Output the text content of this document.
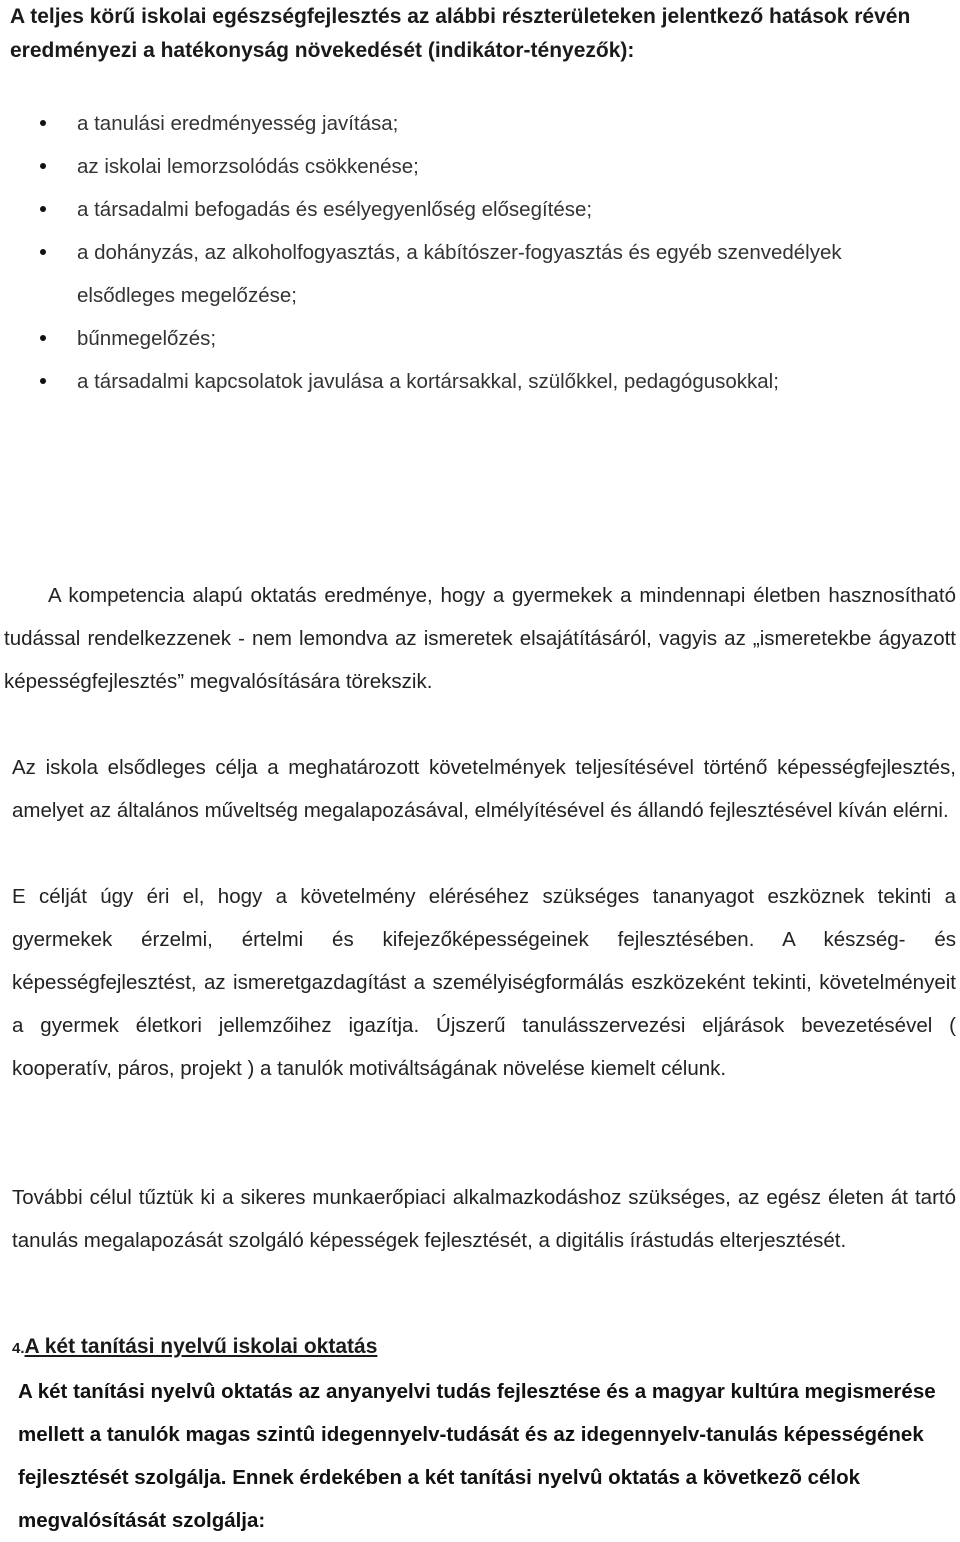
A teljes körű iskolai egészségfejlesztés az alábbi részterületeken jelentkező hatások révén eredményezi a hatékonyság növekedését (indikátor-tényezők):
a tanulási eredményesség javítása;
az iskolai lemorzsolódás csökkenése;
a társadalmi befogadás és esélyegyenlőség elősegítése;
a dohányzás, az alkoholfogyasztás, a kábítószer-fogyasztás és egyéb szenvedélyek elsődleges megelőzése;
bűnmegelőzés;
a társadalmi kapcsolatok javulása a kortársakkal, szülőkkel, pedagógusokkal;

A kompetencia alapú oktatás eredménye, hogy a gyermekek a mindennapi életben hasznosítható tudással rendelkezzenek - nem lemondva az ismeretek elsajátításáról, vagyis az „ismeretekbe ágyazott képességfejlesztés” megvalósítására törekszik.

Az iskola elsődleges célja a meghatározott követelmények teljesítésével történő képességfejlesztés, amelyet az általános műveltség megalapozásával, elmélyítésével és állandó fejlesztésével kíván elérni.

E célját úgy éri el, hogy a követelmény eléréséhez szükséges tananyagot eszköznek tekinti a gyermekek érzelmi, értelmi és kifejezőképességeinek fejlesztésében. A készség- és képességfejlesztést, az ismeretgazdagítást a személyiségformálás eszközeként tekinti, követelményeit a gyermek életkori jellemzőihez igazítja. Újszerű tanulásszervezési eljárások bevezetésével ( kooperatív, páros, projekt ) a tanulók motiváltságának növelése kiemelt célunk.

További célul tűztük ki a sikeres munkaerőpiaci alkalmazkodáshoz szükséges, az egész életen át tartó tanulás megalapozását szolgáló képességek fejlesztését, a digitális írástudás elterjesztését.

4.A két tanítási nyelvű iskolai oktatás

A két tanítási nyelvû oktatás az anyanyelvi tudás fejlesztése és a magyar kultúra megismerése mellett a tanulók magas szintû idegennyelv-tudását és az idegennyelv-tanulás képességének fejlesztését szolgálja. Ennek érdekében a két tanítási nyelvû oktatás a következõ célok megvalósítását szolgálja:
